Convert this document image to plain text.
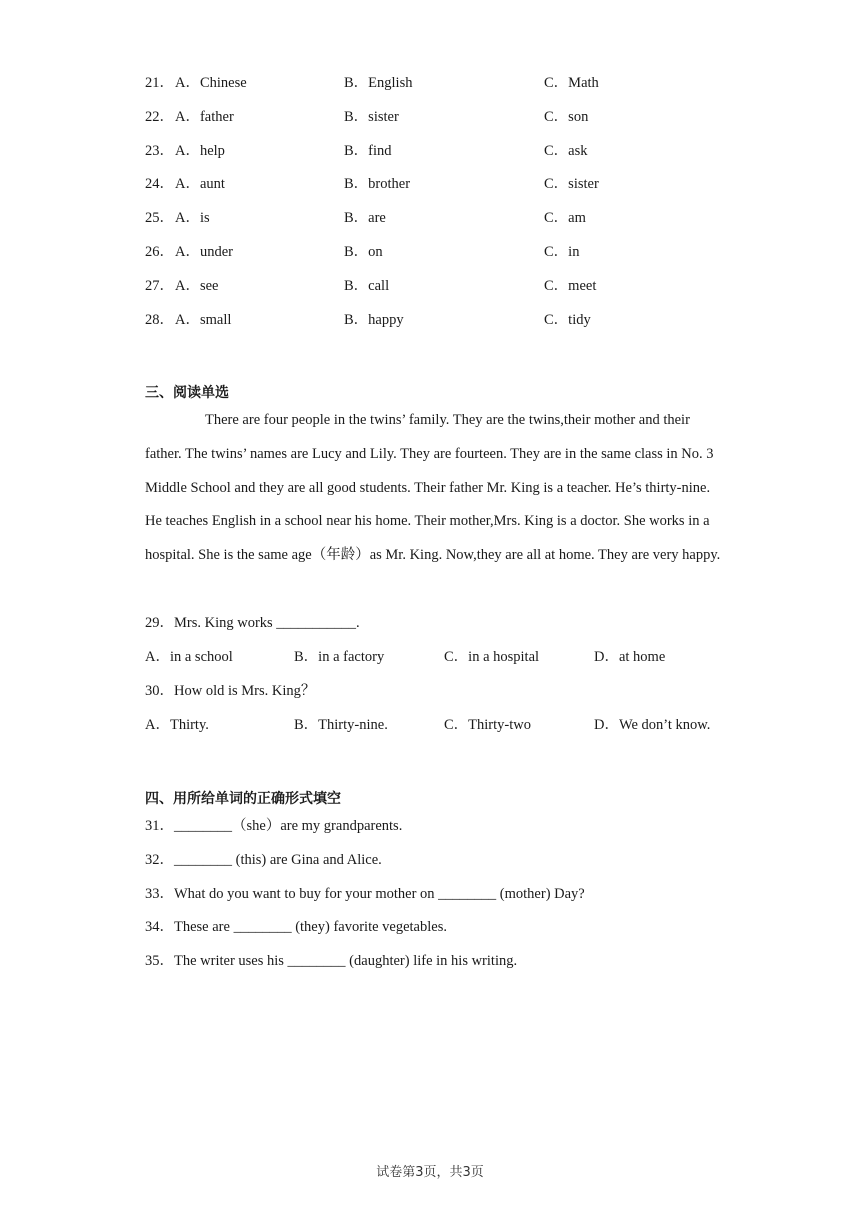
21． A．Chinese	B．English	C．Math
22． A．father	B．sister	C．son
23． A．help	B．find	C．ask
24． A．aunt	B．brother	C．sister
25． A．is	B．are	C．am
26． A．under	B．on	C．in
27． A．see	B．call	C．meet
28． A．small	B．happy	C．tidy
三、阅读单选
There are four people in the twins’ family. They are the twins,their mother and their father. The twins’ names are Lucy and Lily. They are fourteen. They are in the same class in No. 3 Middle School and they are all good students. Their father Mr. King is a teacher. He’s thirty-nine. He teaches English in a school near his home. Their mother,Mrs. King is a doctor. She works in a hospital. She is the same age（年龄）as Mr. King. Now,they are all at home. They are very happy.
29．Mrs. King works ___________.
A．in a school	B．in a factory	C．in a hospital	D．at home
30．How old is Mrs. King？
A．Thirty.	B．Thirty-nine.	C．Thirty-two	D．We don’t know.
四、用所给单词的正确形式填空
31．________（she）are my grandparents.
32．________ (this) are Gina and Alice.
33．What do you want to buy for your mother on ________ (mother) Day?
34．These are ________ (they) favorite vegetables.
35．The writer uses his ________ (daughter) life in his writing.
试卷第3页，共3页
